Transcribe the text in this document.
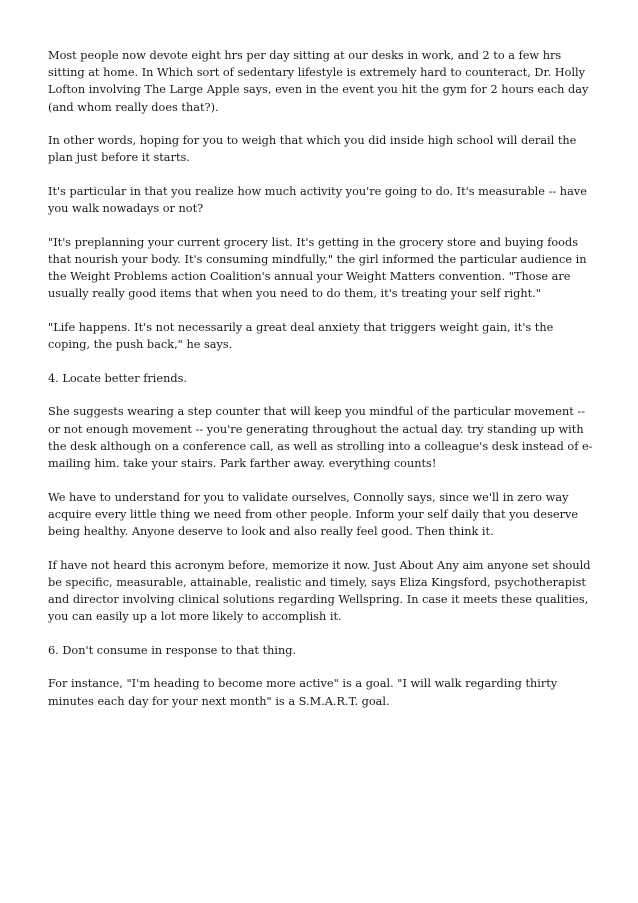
Most people now devote eight hrs per day sitting at our desks in work, and 2 to a few hrs sitting at home. In Which sort of sedentary lifestyle is extremely hard to counteract, Dr. Holly Lofton involving The Large Apple says, even in the event you hit the gym for 2 hours each day (and whom really does that?).

In other words, hoping for you to weigh that which you did inside high school will derail the plan just before it starts.

It's particular in that you realize how much activity you're going to do. It's measurable -- have you walk nowadays or not?

"It's preplanning your current grocery list. It's getting in the grocery store and buying foods that nourish your body. It's consuming mindfully," the girl informed the particular audience in the Weight Problems action Coalition's annual your Weight Matters convention. "Those are usually really good items that when you need to do them, it's treating your self right."

"Life happens. It's not necessarily a great deal anxiety that triggers weight gain, it's the coping, the push back," he says.

4. Locate better friends.

She suggests wearing a step counter that will keep you mindful of the particular movement -- or not enough movement -- you're generating throughout the actual day. try standing up with the desk although on a conference call, as well as strolling into a colleague's desk instead of e-mailing him. take your stairs. Park farther away. everything counts!

We have to understand for you to validate ourselves, Connolly says, since we'll in zero way acquire every little thing we need from other people. Inform your self daily that you deserve being healthy. Anyone deserve to look and also really feel good. Then think it.

If have not heard this acronym before, memorize it now. Just About Any aim anyone set should be specific, measurable, attainable, realistic and timely, says Eliza Kingsford, psychotherapist and director involving clinical solutions regarding Wellspring. In case it meets these qualities, you can easily up a lot more likely to accomplish it.

6. Don't consume in response to that thing.

For instance, "I'm heading to become more active" is a goal. "I will walk regarding thirty minutes each day for your next month" is a S.M.A.R.T. goal.
